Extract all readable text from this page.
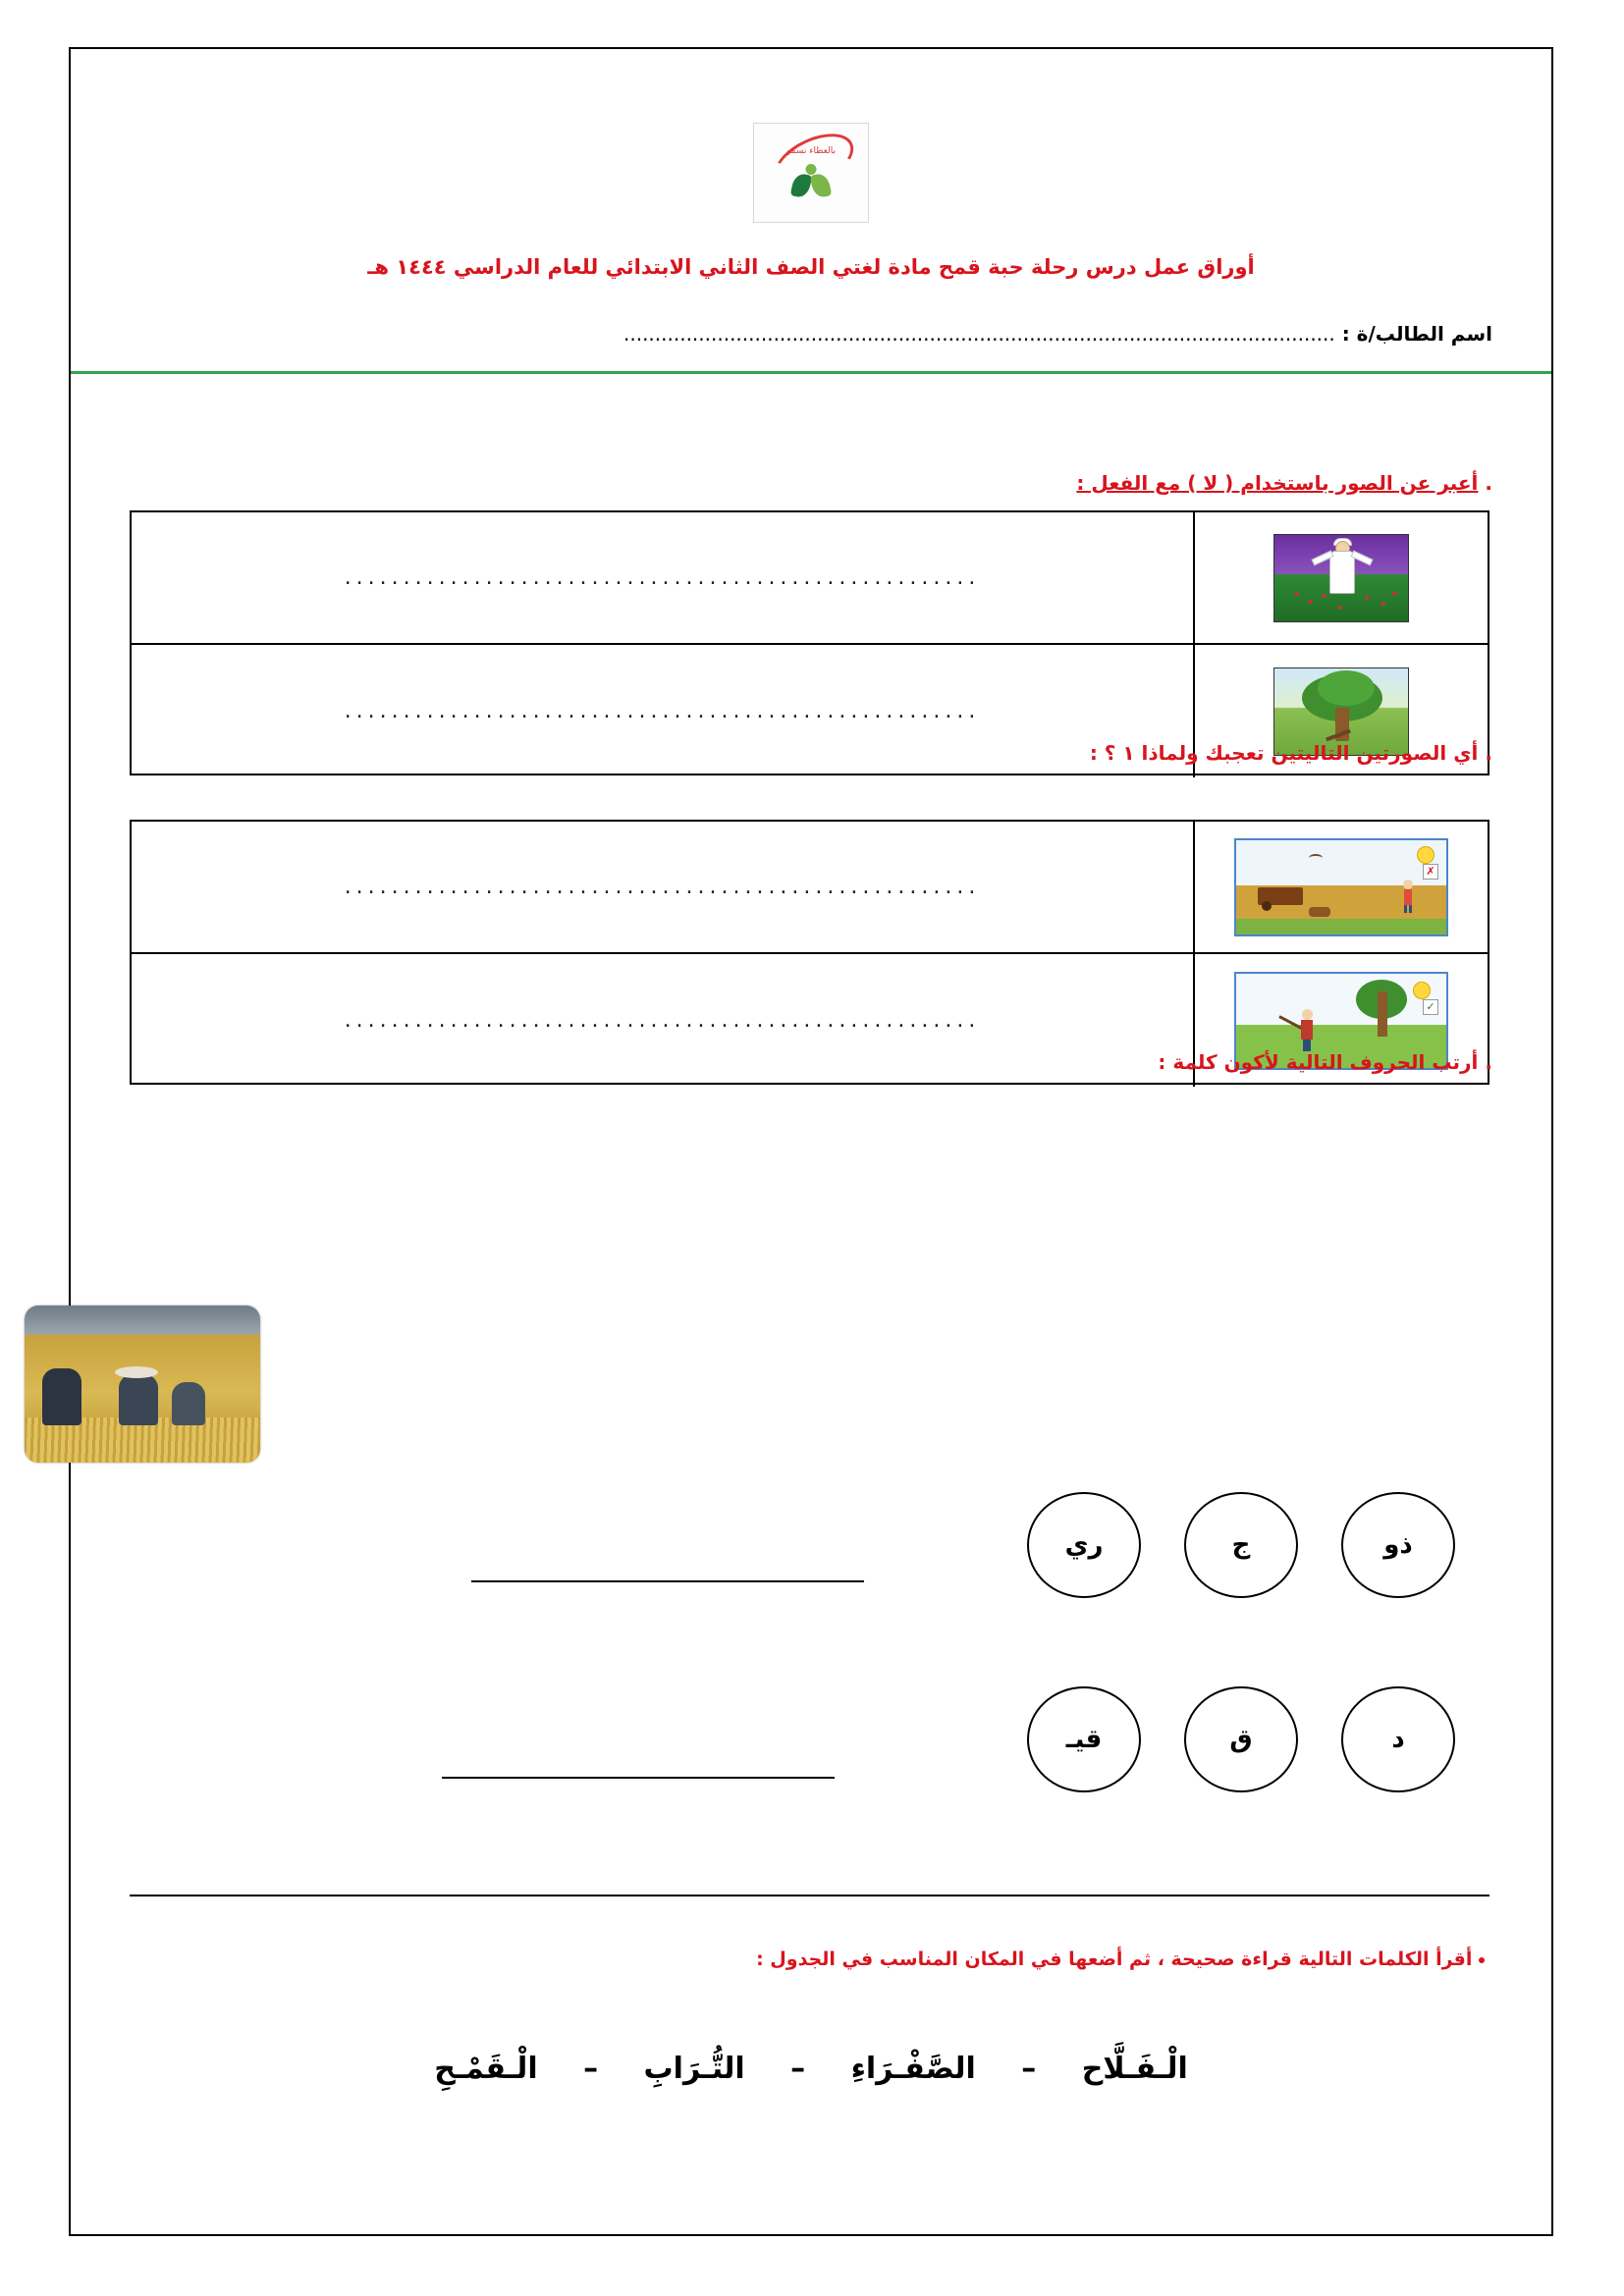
بالعطاء نسمو
أوراق عمل درس رحلة حبة قمح مادة لغتي الصف الثاني الابتدائي للعام الدراسي ١٤٤٤ هـ
اسم الطالب/ة : ..................................................................................................................
. أعبر عن الصور باستخدام ( لا ) مع الفعل :
......................................................
......................................................
. أي الصورتين التاليتين تعجبك ولماذا ١ ؟ :
✗
......................................................
✓
......................................................
. أرتب الحروف التالية لأكون كلمة :
ذو
ج
ري
د
ق
قيـ
أقرأ الكلمات التالية قراءة صحيحة ، ثم أضعها في المكان المناسب في الجدول :
الْـفَـلَّاح – الصَّفْـرَاءِ – التُّـرَابِ – الْـقَمْـحِ
